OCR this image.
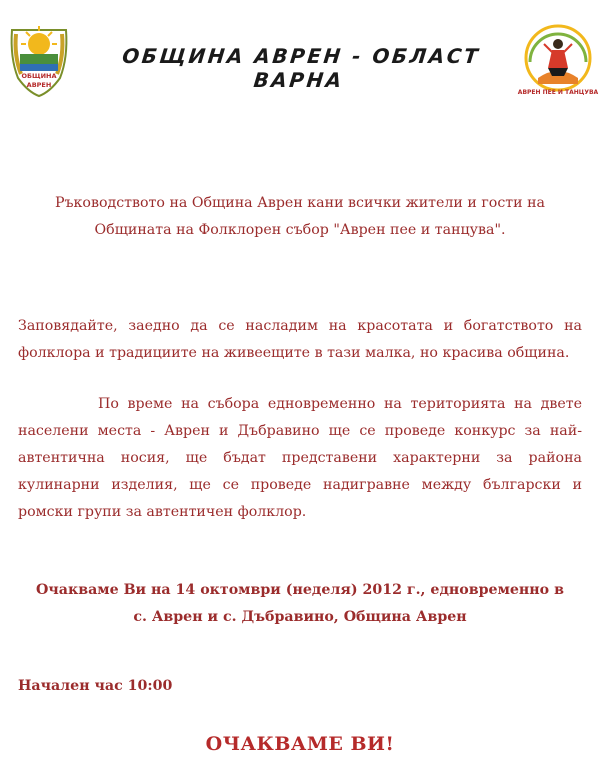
ОБЩИНА
АВРЕН
ОБЩИНА АВРЕН - ОБЛАСТ ВАРНА
АВРЕН ПЕЕ И ТАНЦУВА
Ръководството на Община Аврен кани всички жители и гости на Общината на Фолклорен събор "Аврен пее и танцува".
Заповядайте, заедно да се насладим на красотата и богатството на фолклора и традициите на живеещите в тази малка, но красива община.
По време на събора едновременно на територията на двете населени места - Аврен и Дъбравино ще се проведе конкурс за най-автентична носия, ще бъдат представени характерни за района кулинарни изделия, ще се проведе надигравне между български и ромски групи за автентичен фолклор.
Очакваме Ви на 14 октомври (неделя) 2012 г., едновременно в
с. Аврен и с. Дъбравино, Община Аврен
Начален час 10:00
ОЧАКВАМЕ ВИ!
